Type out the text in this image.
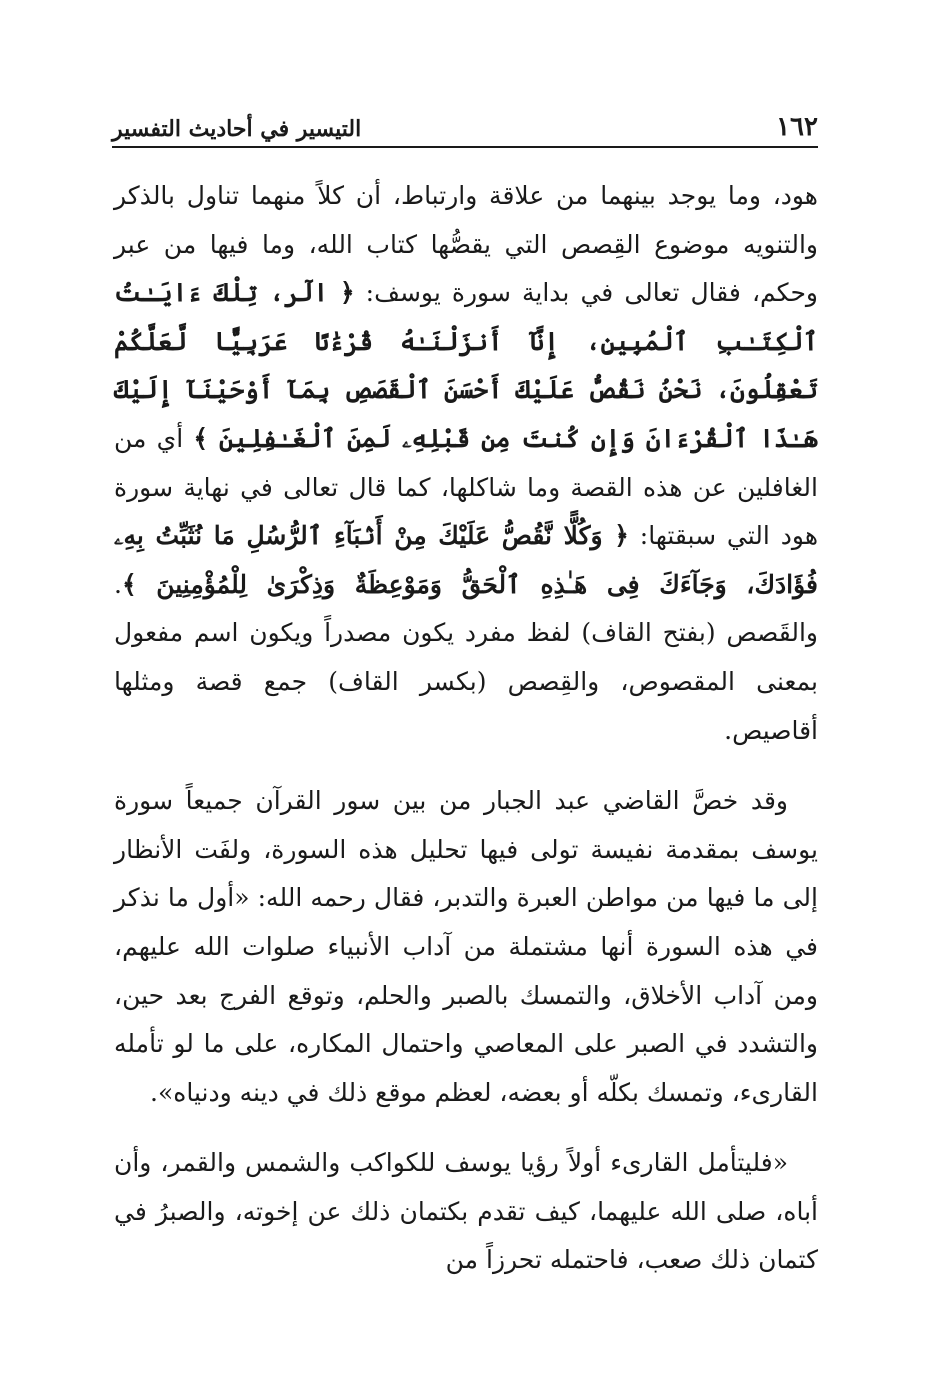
١٦٢
التيسير في أحاديث التفسير

هود، وما يوجد بينهما من علاقة وارتباط، أن كلاً منهما تناول بالذكر والتنويه موضوع القِصص التي يقصُّها كتاب الله، وما فيها من عبر وحكم، فقال تعالى في بداية سورة يوسف: ﴿ الٓر، تِلْكَ ءَايَـٰتُ ٱلْكِتَـٰبِ ٱلْمُبِينِ، إِنَّآ أَنزَلْنَـٰهُ قُرْءَٰنًا عَرَبِيًّا لَّعَلَّكُمْ تَعْقِلُونَ، نَحْنُ نَقُصُّ عَلَيْكَ أَحْسَنَ ٱلْقَصَصِ بِمَآ أَوْحَيْنَآ إِلَيْكَ هَـٰذَا ٱلْقُرْءَانَ وَإِن كُنتَ مِن قَبْلِهِۦ لَمِنَ ٱلْغَـٰفِلِينَ ﴾ أي من الغافلين عن هذه القصة وما شاكلها، كما قال تعالى في نهاية سورة هود التي سبقتها: ﴿ وَكُلًّا نَّقُصُّ عَلَيْكَ مِنْ أَنۢبَآءِ ٱلرُّسُلِ مَا نُثَبِّتُ بِهِۦ فُؤَادَكَ، وَجَآءَكَ فِى هَـٰذِهِ ٱلْحَقُّ وَمَوْعِظَةٌ وَذِكْرَىٰ لِلْمُؤْمِنِينَ ﴾. والقَصص (بفتح القاف) لفظ مفرد يكون مصدراً ويكون اسم مفعول بمعنى المقصوص، والقِصص (بكسر القاف) جمع قصة ومثلها أقاصيص.

وقد خصَّ القاضي عبد الجبار من بين سور القرآن جميعاً سورة يوسف بمقدمة نفيسة تولى فيها تحليل هذه السورة، ولفَت الأنظار إلى ما فيها من مواطن العبرة والتدبر، فقال رحمه الله: «أول ما نذكر في هذه السورة أنها مشتملة من آداب الأنبياء صلوات الله عليهم، ومن آداب الأخلاق، والتمسك بالصبر والحلم، وتوقع الفرج بعد حين، والتشدد في الصبر على المعاصي واحتمال المكاره، على ما لو تأمله القارىء، وتمسك بكلّه أو بعضه، لعظم موقع ذلك في دينه ودنياه».

«فليتأمل القارىء أولاً رؤيا يوسف للكواكب والشمس والقمر، وأن أباه، صلى الله عليهما، كيف تقدم بكتمان ذلك عن إخوته، والصبرُ في كتمان ذلك صعب، فاحتمله تحرزاً من
